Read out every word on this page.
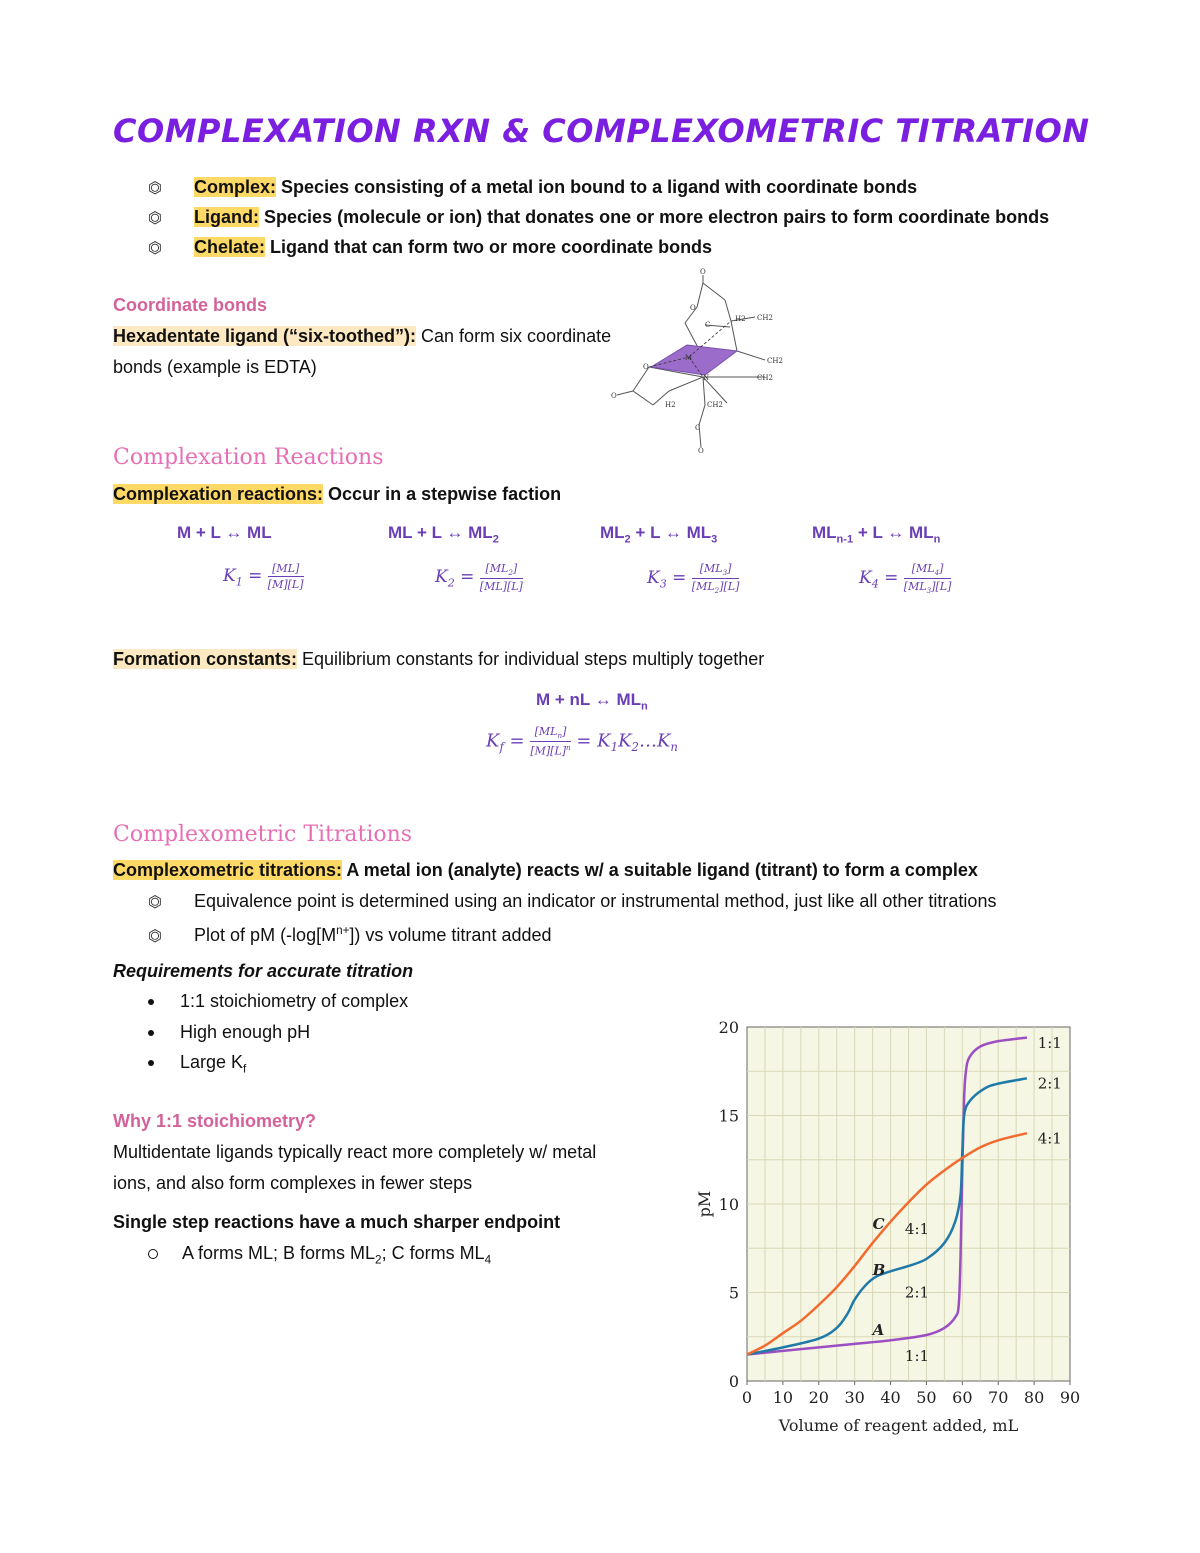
COMPLEXATION RXN & COMPLEXOMETRIC TITRATION
⏣ Complex: Species consisting of a metal ion bound to a ligand with coordinate bonds
⏣ Ligand: Species (molecule or ion) that donates one or more electron pairs to form coordinate bonds
⏣ Chelate: Ligand that can form two or more coordinate bonds
Coordinate bonds
Hexadentate ligand (“six-toothed”): Can form six coordinate
bonds (example is EDTA)
O
O
C
H2 CH2
M	CH2
O
N	CH2
O
H2	CH2
C
O
Complexation Reactions
Complexation reactions: Occur in a stepwise faction
M + L ↔ ML	ML + L ↔ $ML_2$	$ML_2 + L$ ↔ $ML_3$	$ML_{n-1} + L$ ↔ $ML_n$
$K_1 = \frac{[ML]}{[M][L]}$	$K_2 = \frac{[ML_2]}{[ML][L]}$	$K_3 = \frac{[ML_3]}{[ML_2][L]}$	$K_4 = \frac{[ML_4]}{[ML_3][L]}$
Formation constants: Equilibrium constants for individual steps multiply together
M + nL ↔ $ML_n$
$K_f = \frac{[ML_n]}{[M][L]^n}$ = $K_1K_2\dots K_n$
Complexometric Titrations
Complexometric titrations: A metal ion (analyte) reacts w/ a suitable ligand (titrant) to form a complex
⏣ Equivalence point is determined using an indicator or instrumental method, just like all other titrations
⏣ Plot of pM $(-\log[M^{n+}])$ vs volume titrant added
Requirements for accurate titration
1:1 stoichiometry of complex
High enough pH
Large $K_f$
Why 1:1 stoichiometry?
Multidentate ligands typically react more completely w/ metal
ions, and also form complexes in fewer steps
Single step reactions have a much sharper endpoint
A forms ML; B forms $ML_2$; C forms $ML_4$
0 10 20 30 40 50 60 70 80 90
0
5
10
15
20
Volume of reagent added, mL
pM
A
B
C
1:1
2:1
4:1
1:1
2:1
4:1
